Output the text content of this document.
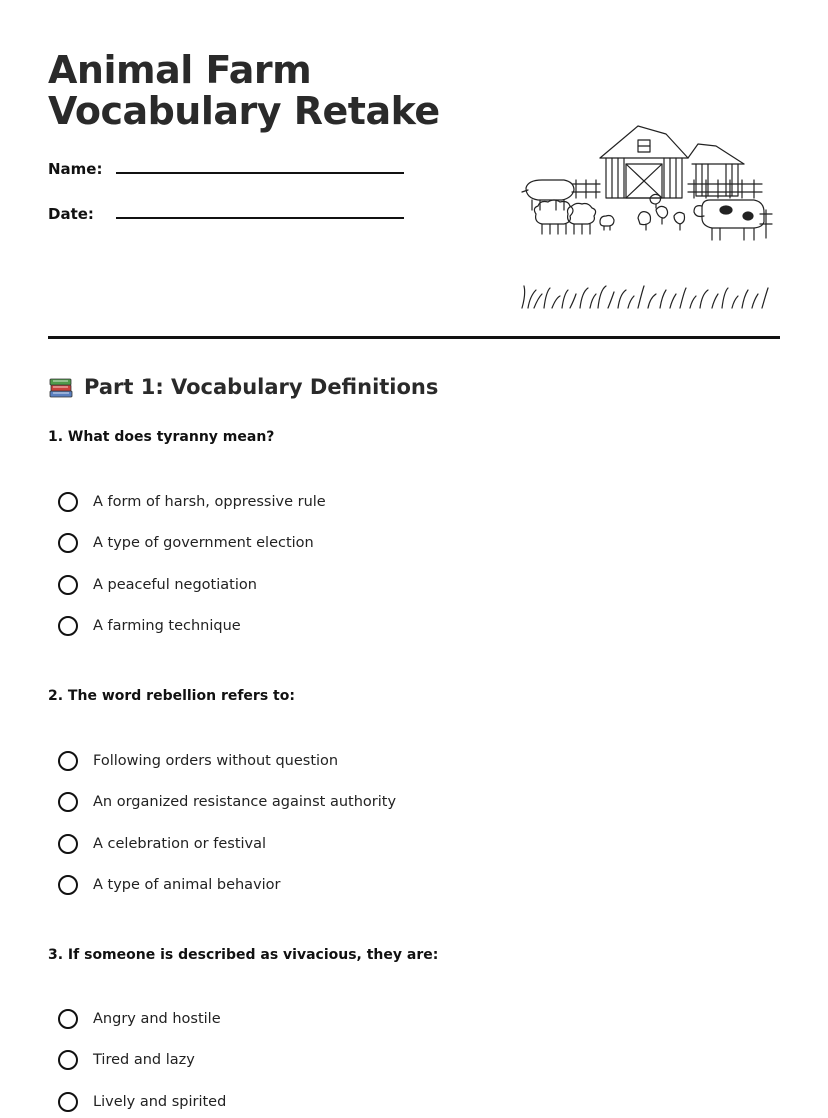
Animal Farm Vocabulary Retake
Name:
Date:
Part 1: Vocabulary Definitions

1. What does tyranny mean?

A form of harsh, oppressive rule
A type of government election
A peaceful negotiation
A farming technique

2. The word rebellion refers to:

Following orders without question
An organized resistance against authority
A celebration or festival
A type of animal behavior

3. If someone is described as vivacious, they are:

Angry and hostile
Tired and lazy
Lively and spirited
